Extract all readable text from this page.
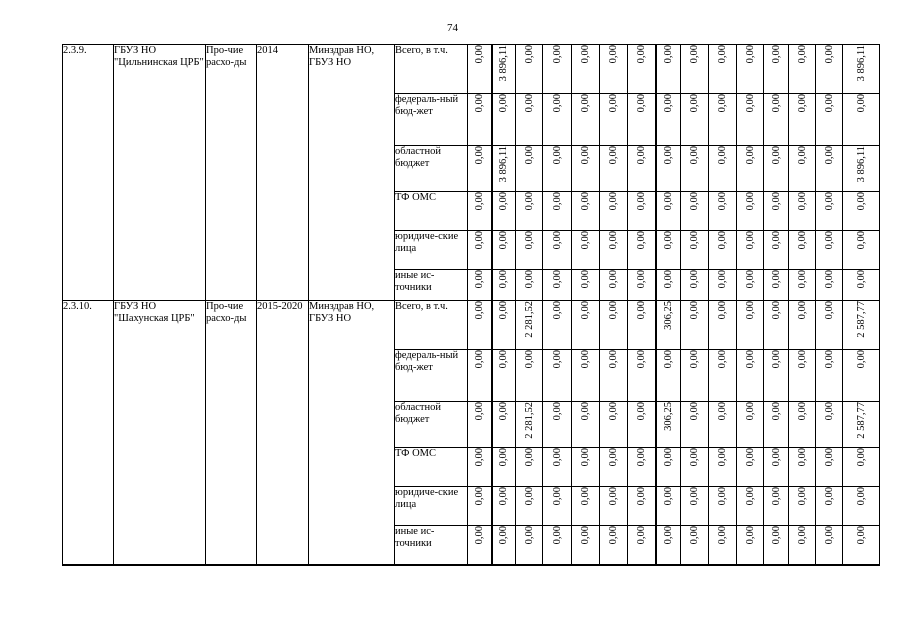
74
2.3.9.	ГБУЗ НО "Цильнинская ЦРБ"	Про-чие расхо-ды	2014	Минздрав НО, ГБУЗ НО	Всего, в т.ч.	0,00	3 896,11	0,00	0,00	0,00	0,00	0,00	0,00	0,00	0,00	0,00	0,00	0,00	0,00	3 896,11
					федераль-ный бюд-жет	0,00	0,00	0,00	0,00	0,00	0,00	0,00	0,00	0,00	0,00	0,00	0,00	0,00	0,00	0,00
					областной бюджет	0,00	3 896,11	0,00	0,00	0,00	0,00	0,00	0,00	0,00	0,00	0,00	0,00	0,00	0,00	3 896,11
					ТФ ОМС	0,00	0,00	0,00	0,00	0,00	0,00	0,00	0,00	0,00	0,00	0,00	0,00	0,00	0,00	0,00
					юридиче-ские лица	0,00	0,00	0,00	0,00	0,00	0,00	0,00	0,00	0,00	0,00	0,00	0,00	0,00	0,00	0,00
					иные ис-точники	0,00	0,00	0,00	0,00	0,00	0,00	0,00	0,00	0,00	0,00	0,00	0,00	0,00	0,00	0,00
2.3.10.	ГБУЗ НО "Шахунская ЦРБ"	Про-чие расхо-ды	2015-2020	Минздрав НО, ГБУЗ НО	Всего, в т.ч.	0,00	0,00	2 281,52	0,00	0,00	0,00	0,00	306,25	0,00	0,00	0,00	0,00	0,00	0,00	2 587,77
					федераль-ный бюд-жет	0,00	0,00	0,00	0,00	0,00	0,00	0,00	0,00	0,00	0,00	0,00	0,00	0,00	0,00	0,00
					областной бюджет	0,00	0,00	2 281,52	0,00	0,00	0,00	0,00	306,25	0,00	0,00	0,00	0,00	0,00	0,00	2 587,77
					ТФ ОМС	0,00	0,00	0,00	0,00	0,00	0,00	0,00	0,00	0,00	0,00	0,00	0,00	0,00	0,00	0,00
					юридиче-ские лица	0,00	0,00	0,00	0,00	0,00	0,00	0,00	0,00	0,00	0,00	0,00	0,00	0,00	0,00	0,00
					иные ис-точники	0,00	0,00	0,00	0,00	0,00	0,00	0,00	0,00	0,00	0,00	0,00	0,00	0,00	0,00	0,00
